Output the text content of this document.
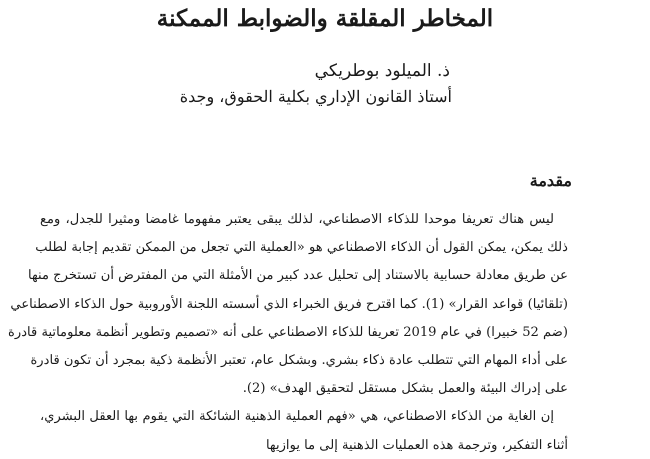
المخاطر المقلقة والضوابط الممكنة
ذ. الميلود بوطريكي
أستاذ القانون الإداري بكلية الحقوق، وجدة
مقدمة
ليس هناك تعريفا موحدا للذكاء الاصطناعي، لذلك يبقى يعتبر مفهوما غامضا ومثيرا للجدل، ومع
ذلك يمكن، يمكن القول أن الذكاء الاصطناعي هو «العملية التي تجعل من الممكن تقديم إجابة لطلب
عن طريق معادلة حسابية بالاستناد إلى تحليل عدد كبير من الأمثلة التي من المفترض أن تستخرج منها
(تلقائيا) قواعد القرار» (1). كما اقترح فريق الخبراء الذي أسسته اللجنة الأوروبية حول الذكاء الاصطناعي
(ضم 52 خبيرا) في عام 2019 تعريفا للذكاء الاصطناعي على أنه «تصميم وتطوير أنظمة معلوماتية قادرة
على أداء المهام التي تتطلب عادة ذكاء بشري. وبشكل عام، تعتبر الأنظمة ذكية بمجرد أن تكون قادرة
على إدراك البيئة والعمل بشكل مستقل لتحقيق الهدف» (2).
إن الغاية من الذكاء الاصطناعي، هي «فهم العملية الذهنية الشائكة التي يقوم بها العقل البشري،
أثناء التفكير، وترجمة هذه العمليات الذهنية إلى ما يوازيها
